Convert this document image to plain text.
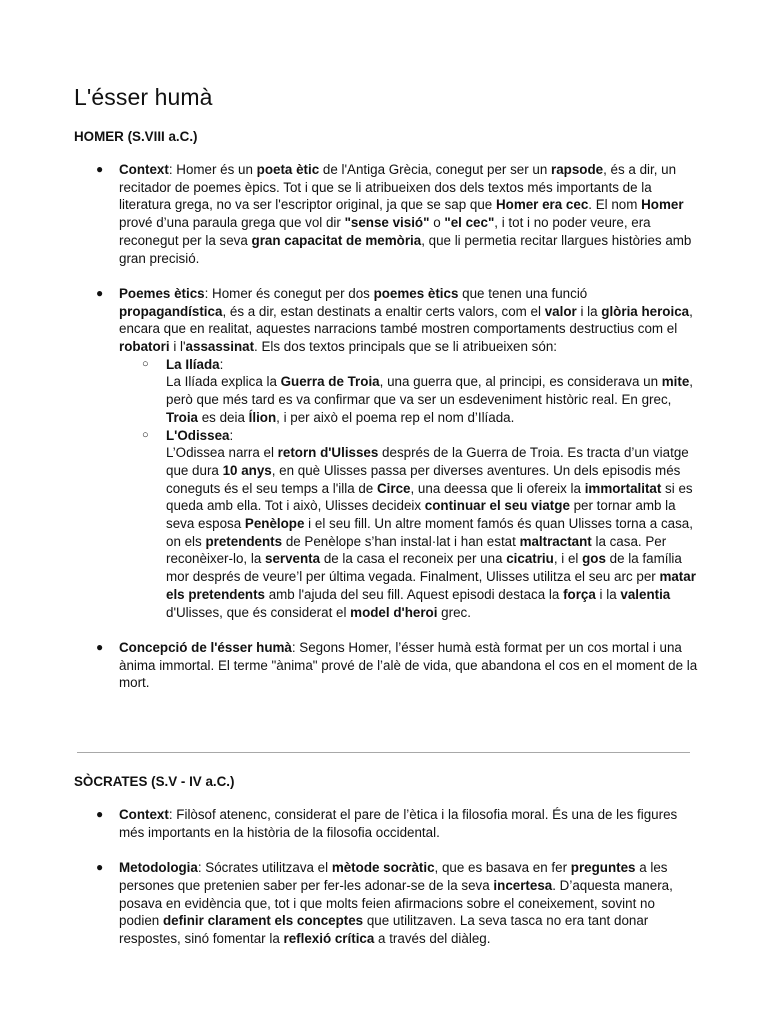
L'ésser humà
HOMER (S.VIII a.C.)
● Context: Homer és un poeta ètic de l'Antiga Grècia, conegut per ser un rapsode, és a dir, un recitador de poemes èpics. Tot i que se li atribueixen dos dels textos més importants de la literatura grega, no va ser l'escriptor original, ja que se sap que Homer era cec. El nom Homer prové d’una paraula grega que vol dir "sense visió" o "el cec", i tot i no poder veure, era reconegut per la seva gran capacitat de memòria, que li permetia recitar llargues històries amb gran precisió.
● Poemes ètics: Homer és conegut per dos poemes ètics que tenen una funció propagandística, és a dir, estan destinats a enaltir certs valors, com el valor i la glòria heroica, encara que en realitat, aquestes narracions també mostren comportaments destructius com el robatori i l'assassinat. Els dos textos principals que se li atribueixen són:
○ La Ilíada:
La Ilíada explica la Guerra de Troia, una guerra que, al principi, es considerava un mite, però que més tard es va confirmar que va ser un esdeveniment històric real. En grec, Troia es deia Ílion, i per això el poema rep el nom d’Ilíada.
○ L'Odissea:
L’Odissea narra el retorn d'Ulisses després de la Guerra de Troia. Es tracta d’un viatge que dura 10 anys, en què Ulisses passa per diverses aventures. Un dels episodis més coneguts és el seu temps a l'illa de Circe, una deessa que li ofereix la immortalitat si es queda amb ella. Tot i això, Ulisses decideix continuar el seu viatge per tornar amb la seva esposa Penèlope i el seu fill. Un altre moment famós és quan Ulisses torna a casa, on els pretendents de Penèlope s’han instal·lat i han estat maltractant la casa. Per reconèixer-lo, la serventa de la casa el reconeix per una cicatriu, i el gos de la família mor després de veure’l per última vegada. Finalment, Ulisses utilitza el seu arc per matar els pretendents amb l'ajuda del seu fill. Aquest episodi destaca la força i la valentia d'Ulisses, que és considerat el model d'heroi grec.
● Concepció de l'ésser humà: Segons Homer, l’ésser humà està format per un cos mortal i una ànima immortal. El terme "ànima" prové de l’alè de vida, que abandona el cos en el moment de la mort.
SÒCRATES (S.V - IV a.C.)
● Context: Filòsof atenenc, considerat el pare de l’ètica i la filosofia moral. És una de les figures més importants en la història de la filosofia occidental.
● Metodologia: Sócrates utilitzava el mètode socràtic, que es basava en fer preguntes a les persones que pretenien saber per fer-les adonar-se de la seva incertesa. D’aquesta manera, posava en evidència que, tot i que molts feien afirmacions sobre el coneixement, sovint no podien definir clarament els conceptes que utilitzaven. La seva tasca no era tant donar respostes, sinó fomentar la reflexió crítica a través del diàleg.
